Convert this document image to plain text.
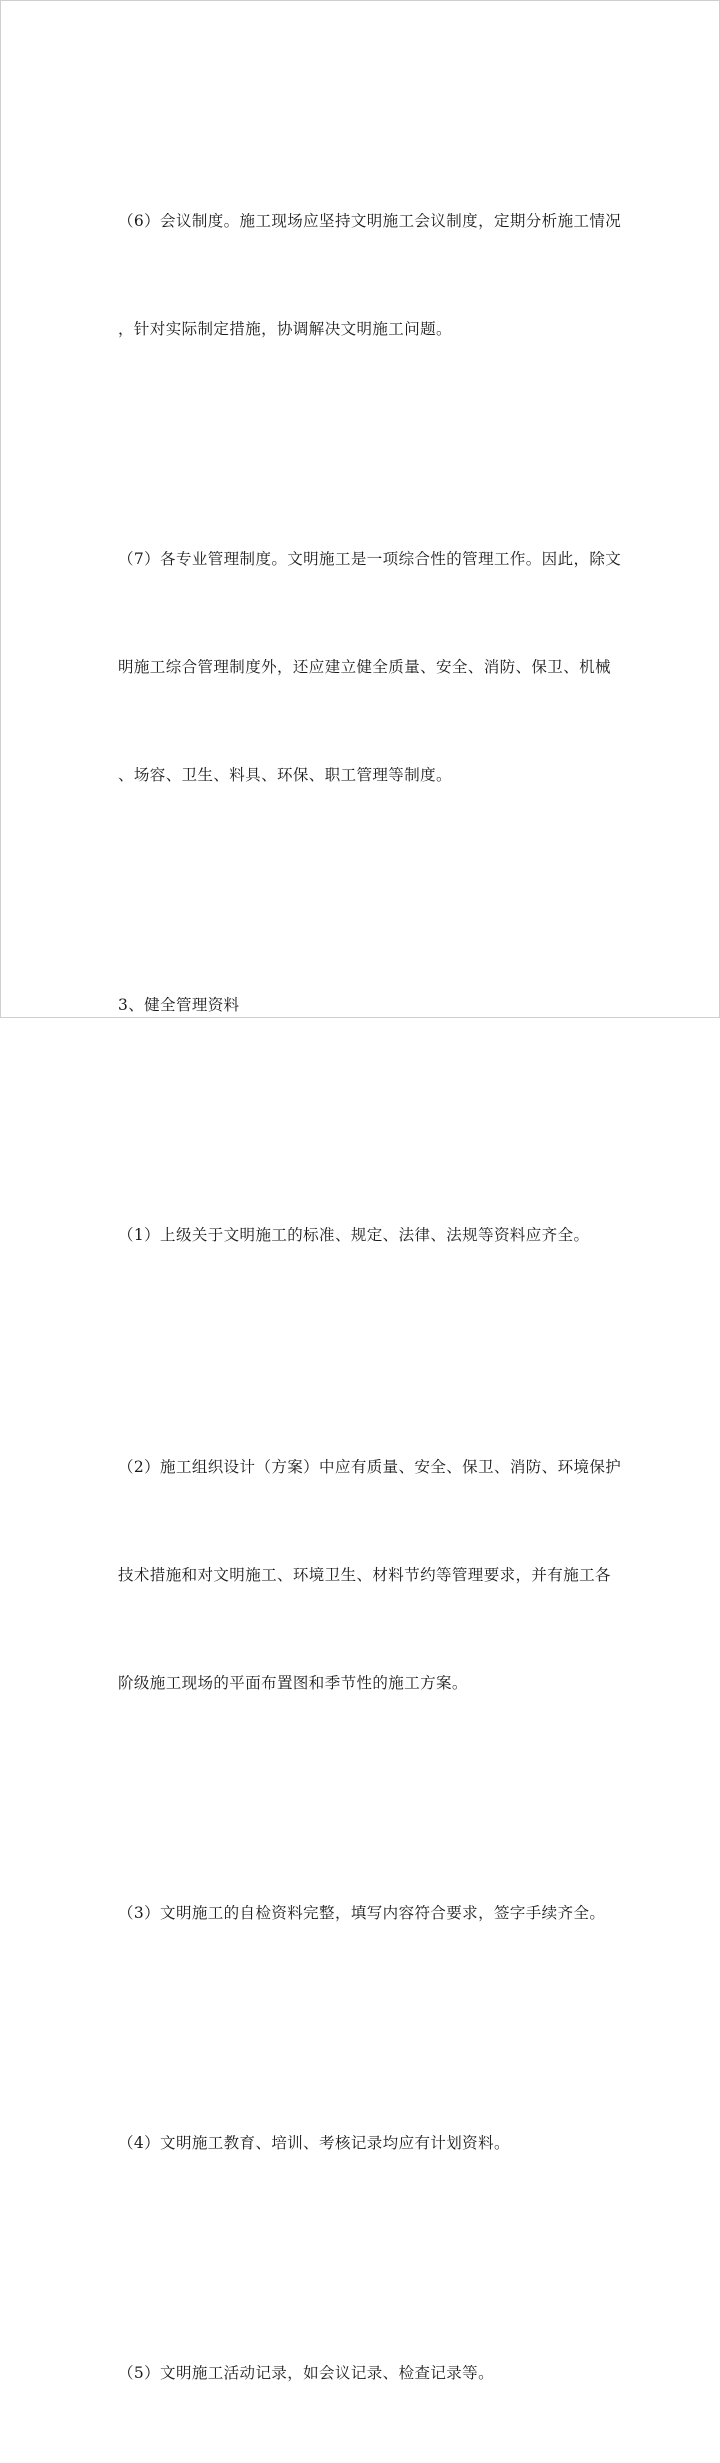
（6）会议制度。施工现场应坚持文明施工会议制度，定期分析施工情况

，针对实际制定措施，协调解决文明施工问题。

（7）各专业管理制度。文明施工是一项综合性的管理工作。因此，除文

明施工综合管理制度外，还应建立健全质量、安全、消防、保卫、机械

、场容、卫生、料具、环保、职工管理等制度。

3、健全管理资料

（1）上级关于文明施工的标准、规定、法律、法规等资料应齐全。

（2）施工组织设计（方案）中应有质量、安全、保卫、消防、环境保护

技术措施和对文明施工、环境卫生、材料节约等管理要求，并有施工各

阶级施工现场的平面布置图和季节性的施工方案。

（3）文明施工的自检资料完整，填写内容符合要求，签字手续齐全。

（4）文明施工教育、培训、考核记录均应有计划资料。

（5）文明施工活动记录，如会议记录、检查记录等。
